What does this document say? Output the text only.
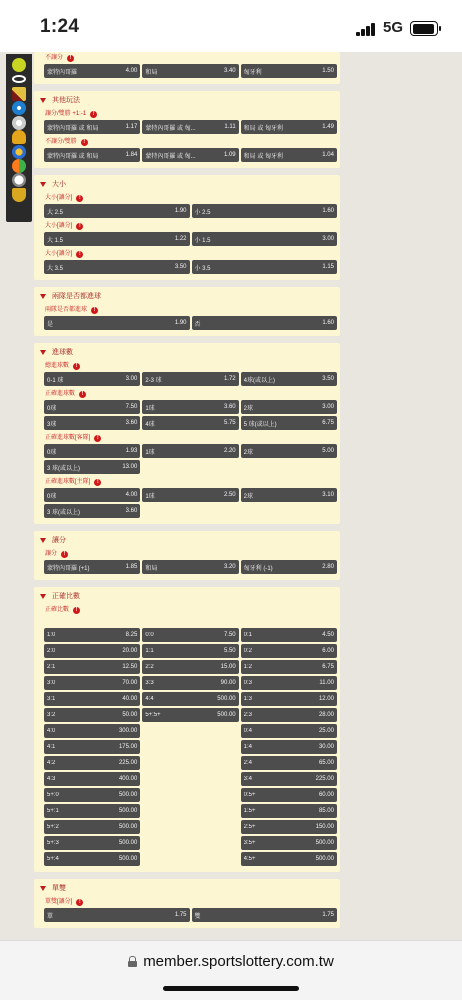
1:24	5G
不讓分	!
蒙特內哥羅	4.00 和局	3.40 匈牙利	1.50
其他玩法
讓分/雙勝 +1:-1	!
蒙特內哥羅 或 和局	1.17 蒙特內哥羅 或 匈...	1.11 和局 或 匈牙利	1.49
不讓分/雙勝	!
蒙特內哥羅 或 和局	1.84 蒙特內哥羅 或 匈...	1.09 和局 或 匈牙利	1.04
大小
大小[讓分]	!
大 2.5	1.90 小 2.5	1.60
大小[讓分]	!
大 1.5	1.22 小 1.5	3.00
大小[讓分]	!
大 3.5	3.50 小 3.5	1.15
兩隊是否都進球
兩隊是否都進球	!
是	1.90 否	1.60
進球數
總進球數	!
0-1 球	3.00 2-3 球	1.72 4球(或以上)	3.50
正確進球數	!
0球	7.50 1球	3.60 2球	3.00
3球	3.60 4球	5.75 5 球(或以上)	6.75
正確進球數[客隊]	!
0球	1.93 1球	2.20 2球	5.00
3 球(或以上)	13.00
正確進球數[主隊]	!
0球	4.00 1球	2.50 2球	3.10
3 球(或以上)	3.60
讓分
讓分	!
蒙特內哥羅 (+1)	1.85 和局	3.20 匈牙利 (-1)	2.80
正確比數
正確比數	!
1:0	8.25 0:0	7.50 0:1	4.50
2:0	20.00 1:1	5.50 0:2	6.00
2:1	12.50 2:2	15.00 1:2	6.75
3:0	70.00 3:3	90.00 0:3	11.00
3:1	40.00 4:4	500.00 1:3	12.00
3:2	50.00 5+:5+	500.00 2:3	28.00
4:0	300.00	0:4	25.00
4:1	175.00	1:4	30.00
4:2	225.00	2:4	65.00
4:3	400.00	3:4	225.00
5+:0	500.00	0:5+	60.00
5+:1	500.00	1:5+	85.00
5+:2	500.00	2:5+	150.00
5+:3	500.00	3:5+	500.00
5+:4	500.00	4:5+	500.00
單雙
單雙[讓分]	!
單	1.75 雙	1.75
member.sportslottery.com.tw
